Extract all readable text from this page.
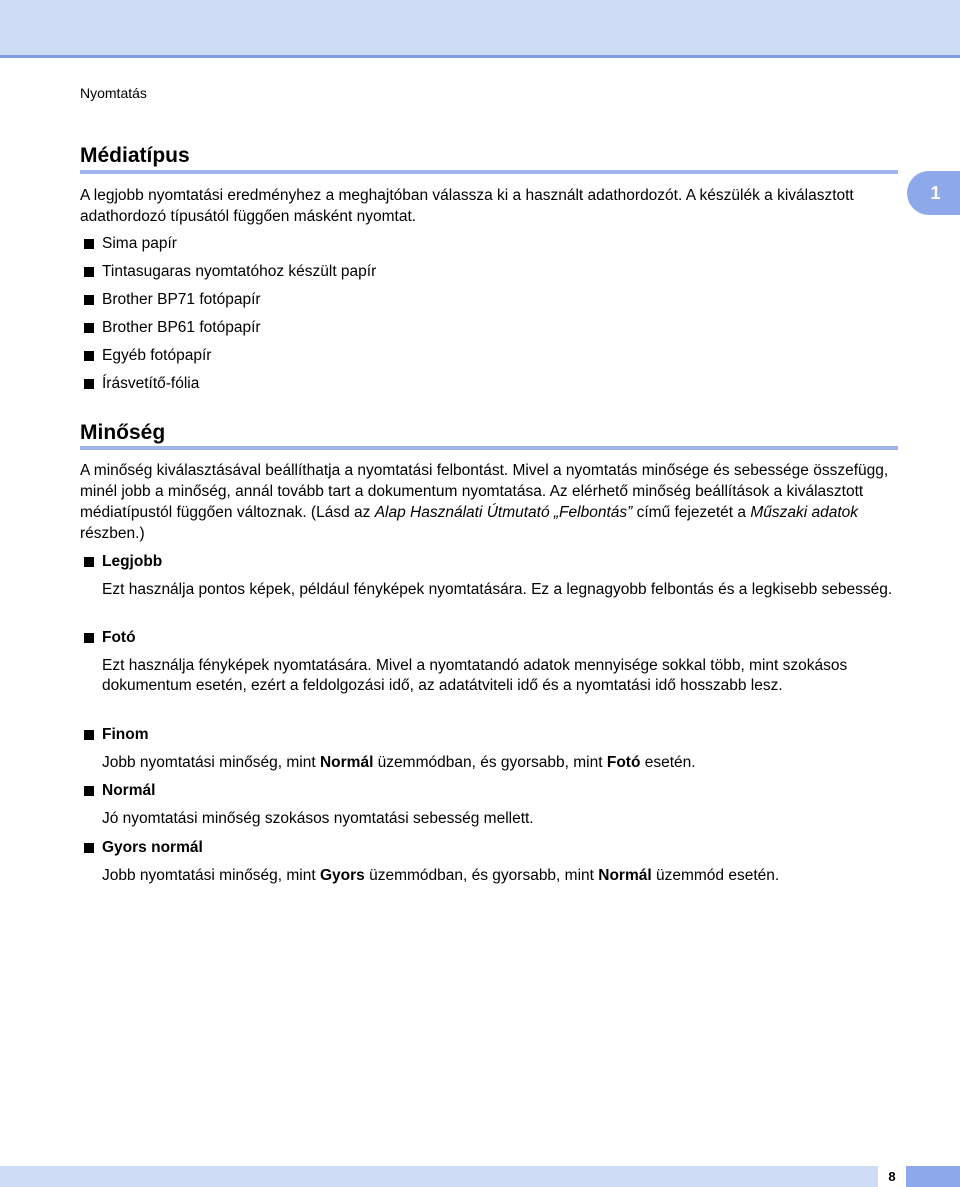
Nyomtatás
1
Médiatípus
A legjobb nyomtatási eredményhez a meghajtóban válassza ki a használt adathordozót. A készülék a kiválasztott adathordozó típusától függően másként nyomtat.
Sima papír
Tintasugaras nyomtatóhoz készült papír
Brother BP71 fotópapír
Brother BP61 fotópapír
Egyéb fotópapír
Írásvetítő-fólia
Minőség
A minőség kiválasztásával beállíthatja a nyomtatási felbontást. Mivel a nyomtatás minősége és sebessége összefügg, minél jobb a minőség, annál tovább tart a dokumentum nyomtatása. Az elérhető minőség beállítások a kiválasztott médiatípustól függően változnak. (Lásd az Alap Használati Útmutató „Felbontás” című fejezetét a Műszaki adatok részben.)
Legjobb
Ezt használja pontos képek, például fényképek nyomtatására. Ez a legnagyobb felbontás és a legkisebb sebesség.
Fotó
Ezt használja fényképek nyomtatására. Mivel a nyomtatandó adatok mennyisége sokkal több, mint szokásos dokumentum esetén, ezért a feldolgozási idő, az adatátviteli idő és a nyomtatási idő hosszabb lesz.
Finom
Jobb nyomtatási minőség, mint Normál üzemmódban, és gyorsabb, mint Fotó esetén.
Normál
Jó nyomtatási minőség szokásos nyomtatási sebesség mellett.
Gyors normál
Jobb nyomtatási minőség, mint Gyors üzemmódban, és gyorsabb, mint Normál üzemmód esetén.
8
